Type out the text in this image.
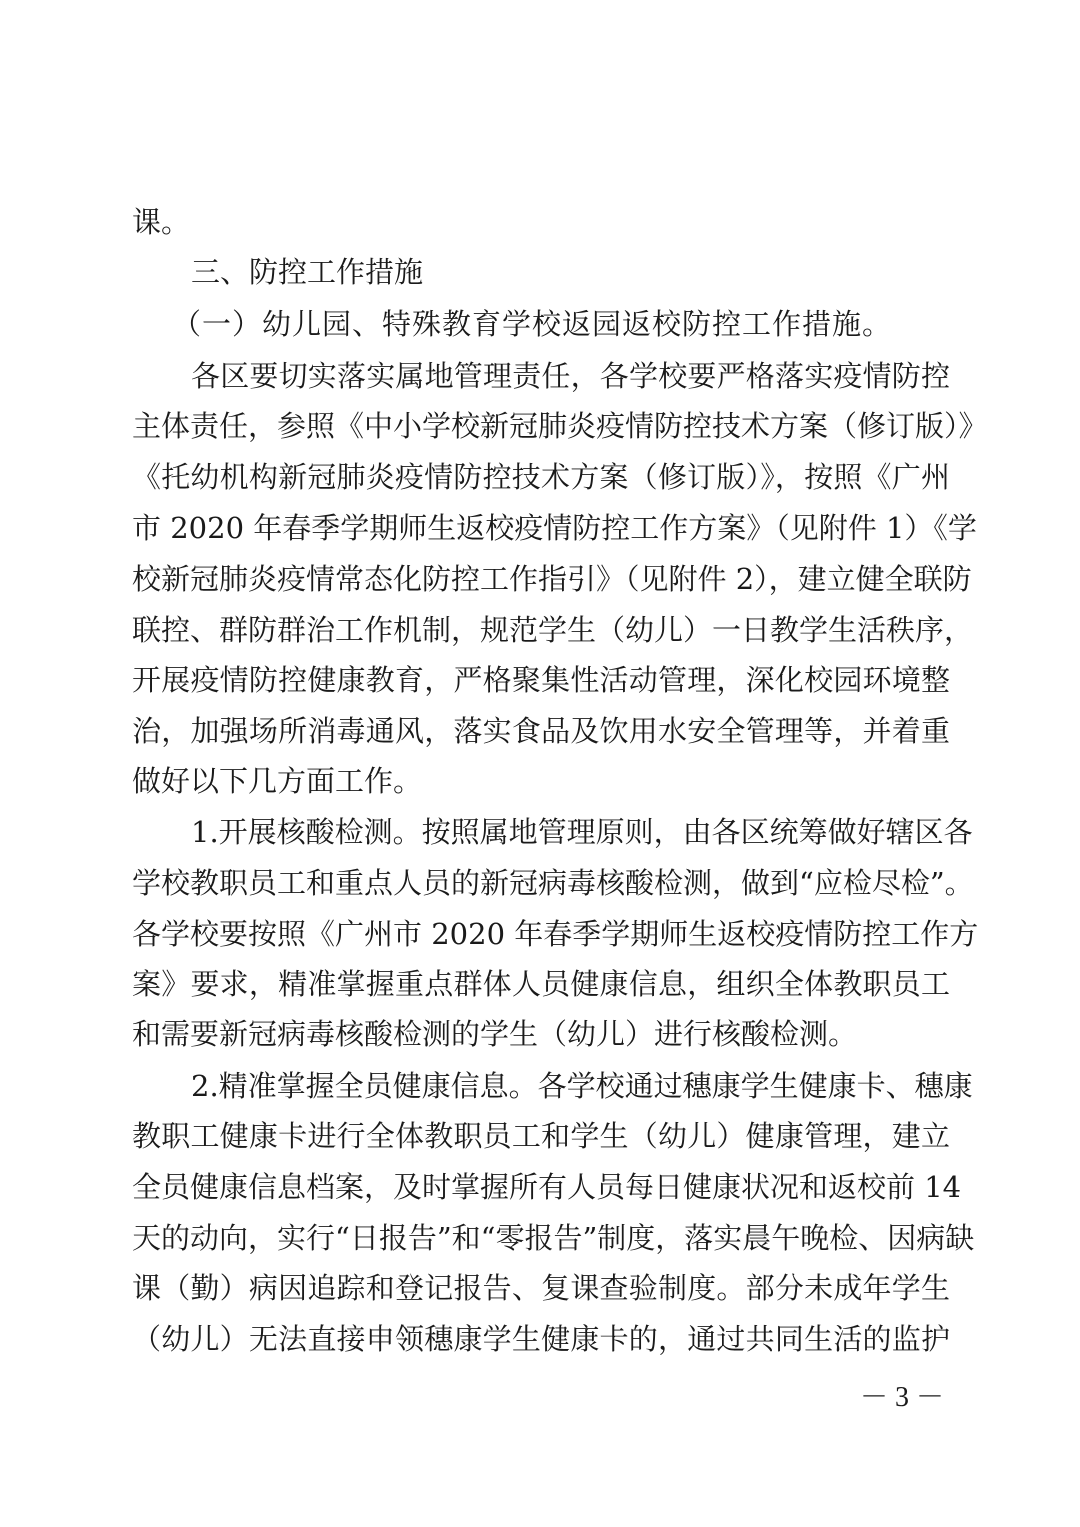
课。
三、防控工作措施
（一）幼儿园、特殊教育学校返园返校防控工作措施。
各区要切实落实属地管理责任，各学校要严格落实疫情防控
主体责任，参照《中小学校新冠肺炎疫情防控技术方案（修订版）》
《托幼机构新冠肺炎疫情防控技术方案（修订版）》，按照《广州
市 2020 年春季学期师生返校疫情防控工作方案》（见附件 1）《学
校新冠肺炎疫情常态化防控工作指引》（见附件 2），建立健全联防
联控、群防群治工作机制，规范学生（幼儿）一日教学生活秩序，
开展疫情防控健康教育，严格聚集性活动管理，深化校园环境整
治，加强场所消毒通风，落实食品及饮用水安全管理等，并着重
做好以下几方面工作。
1.开展核酸检测。按照属地管理原则，由各区统筹做好辖区各
学校教职员工和重点人员的新冠病毒核酸检测，做到“应检尽检”。
各学校要按照《广州市 2020 年春季学期师生返校疫情防控工作方
案》要求，精准掌握重点群体人员健康信息，组织全体教职员工
和需要新冠病毒核酸检测的学生（幼儿）进行核酸检测。
2.精准掌握全员健康信息。各学校通过穗康学生健康卡、穗康
教职工健康卡进行全体教职员工和学生（幼儿）健康管理，建立
全员健康信息档案，及时掌握所有人员每日健康状况和返校前 14
天的动向，实行“日报告”和“零报告”制度，落实晨午晚检、因病缺
课（勤）病因追踪和登记报告、复课查验制度。部分未成年学生
（幼儿）无法直接申领穗康学生健康卡的，通过共同生活的监护
－ 3 －
